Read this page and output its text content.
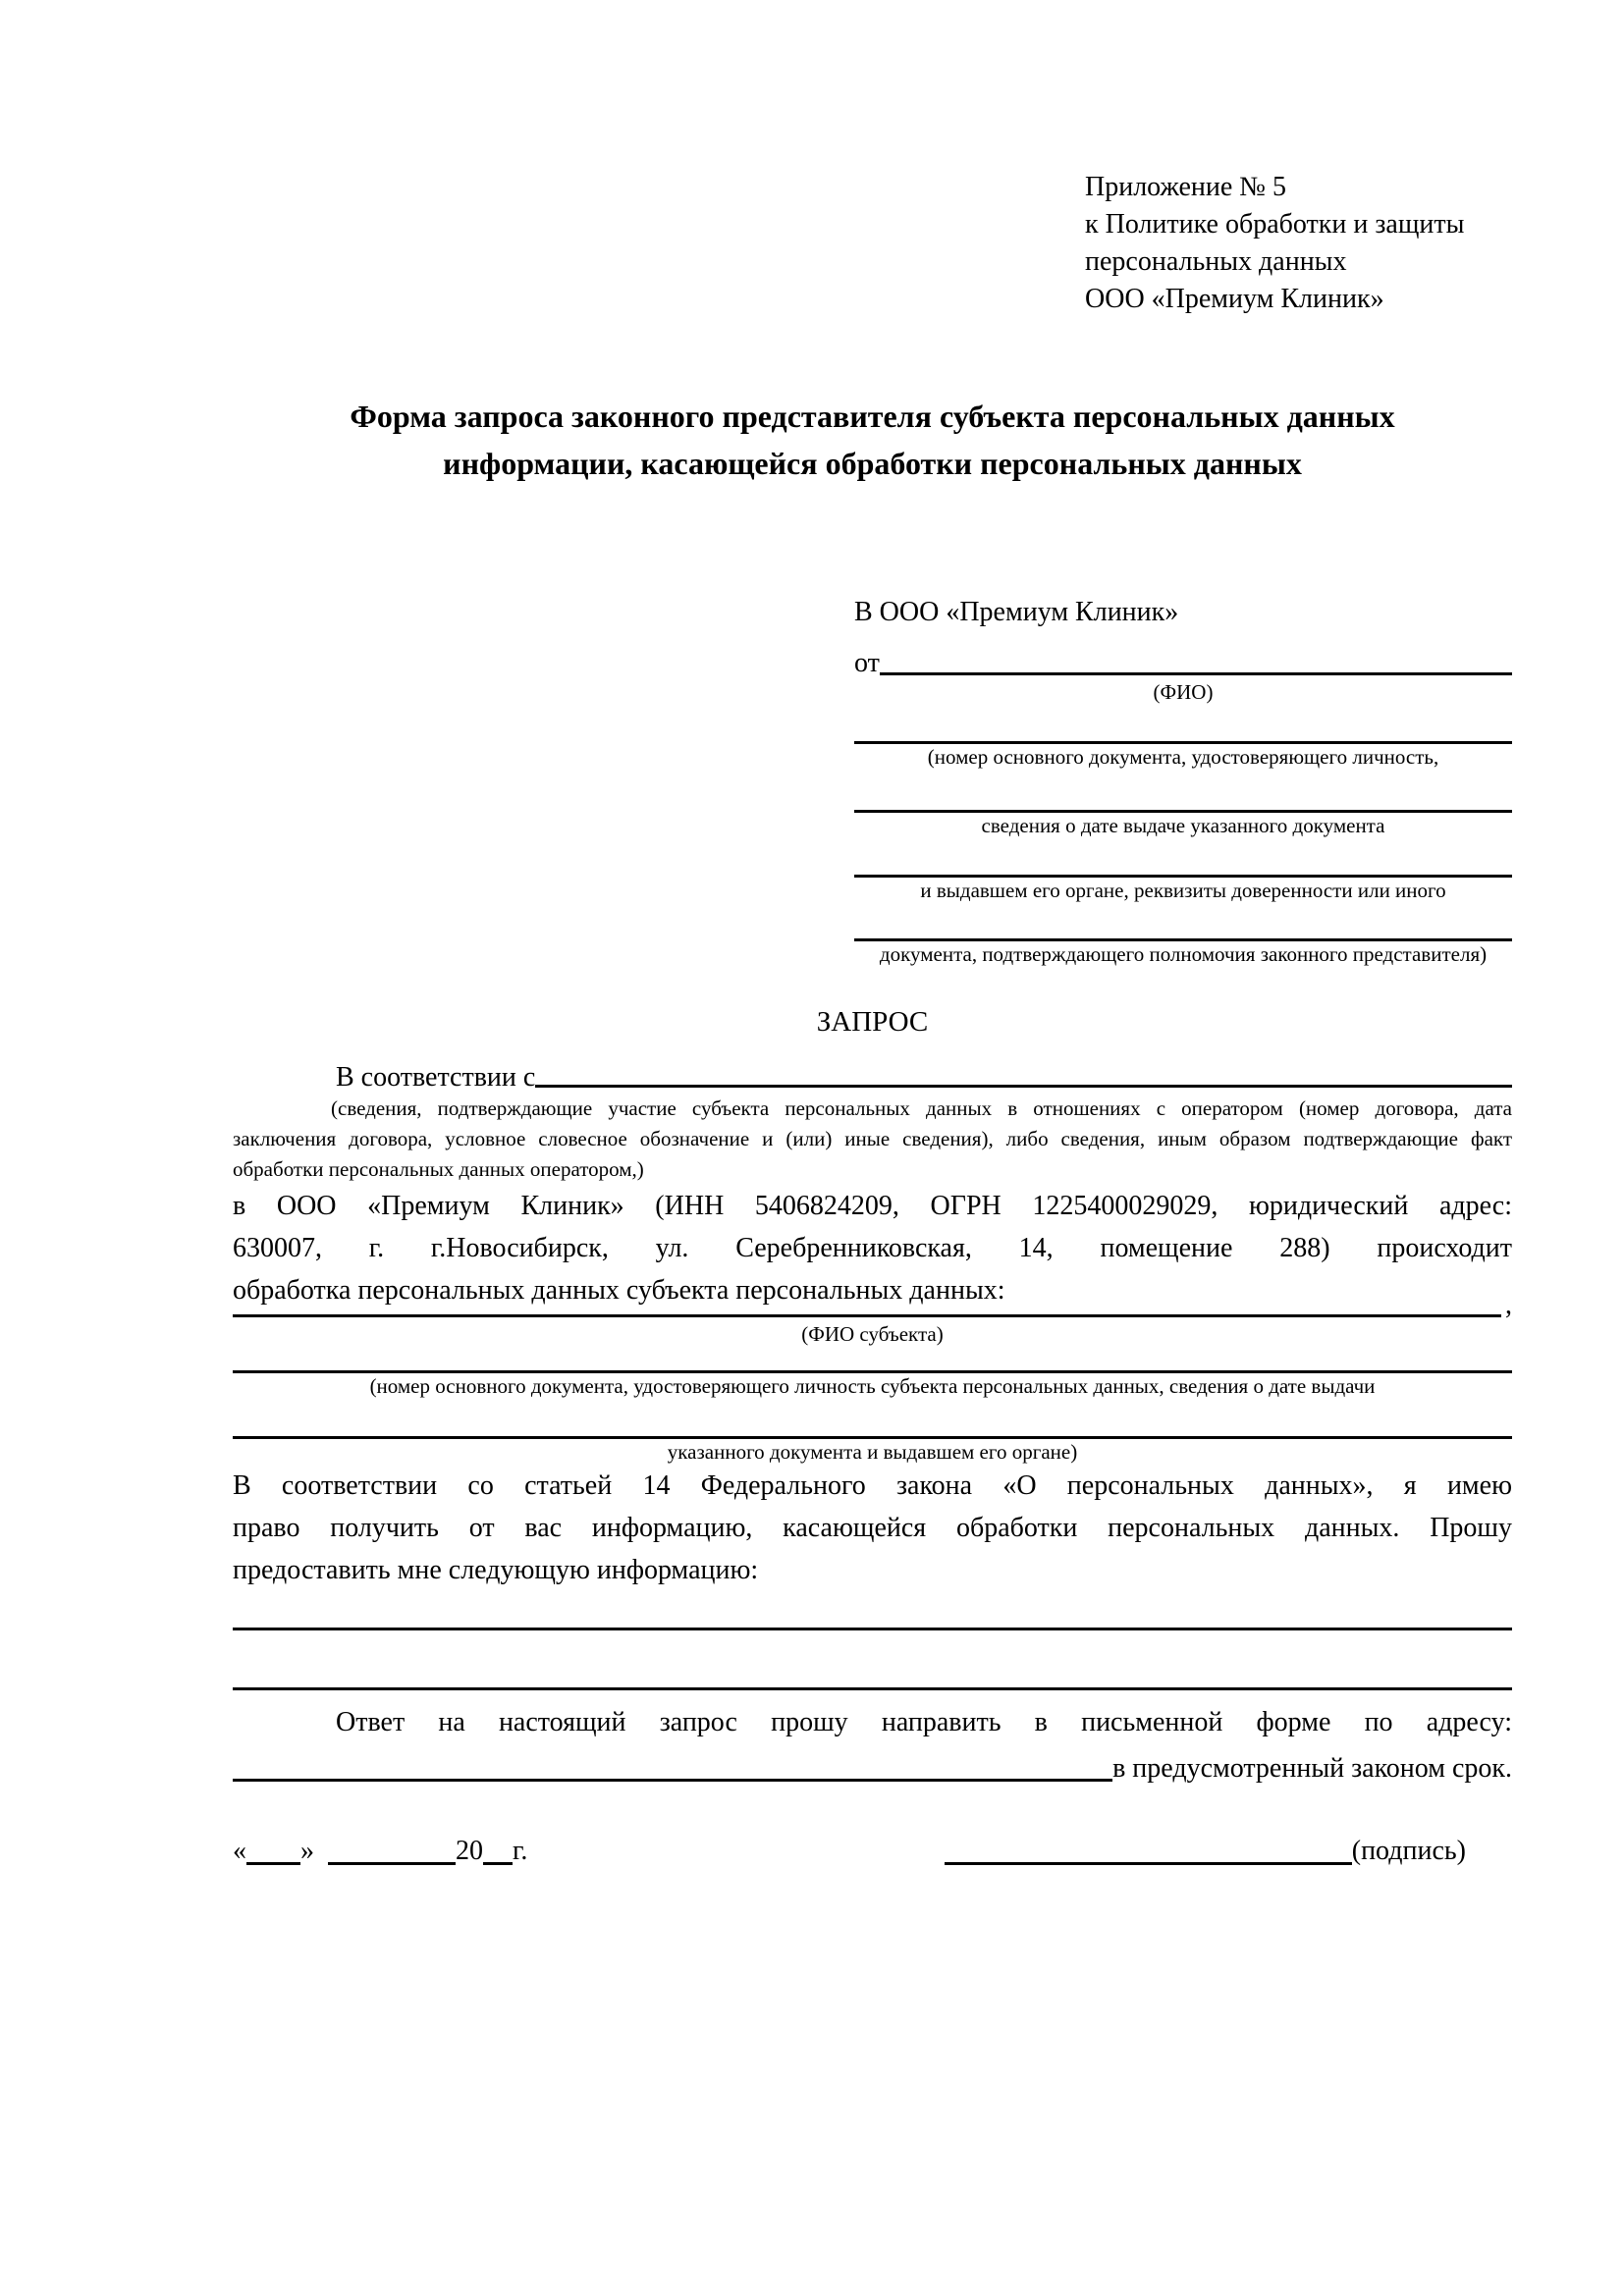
Приложение № 5
к Политике обработки и защиты
персональных данных
ООО «Премиум Клиник»
Форма запроса законного представителя субъекта персональных данных
информации, касающейся обработки персональных данных
В ООО «Премиум Клиник»
от
(ФИО)
(номер основного документа, удостоверяющего личность,
сведения о дате выдаче указанного документа
и выдавшем его органе, реквизиты доверенности или иного
документа, подтверждающего полномочия законного представителя)
ЗАПРОС
В соответствии с
(сведения, подтверждающие участие субъекта персональных данных в отношениях с оператором (номер договора, дата
заключения договора, условное словесное обозначение и (или) иные сведения), либо сведения, иным образом подтверждающие факт
обработки персональных данных оператором,)
в ООО «Премиум Клиник» (ИНН 5406824209, ОГРН 1225400029029, юридический адрес:
630007, г. г.Новосибирск, ул. Серебренниковская, 14, помещение 288) происходит
обработка персональных данных субъекта персональных данных:	,
(ФИО субъекта)
(номер основного документа, удостоверяющего личность субъекта персональных данных, сведения о дате выдачи
указанного документа и выдавшем его органе)
В соответствии со статьей 14 Федерального закона «О персональных данных», я имею
право получить от вас информацию, касающейся обработки персональных данных. Прошу
предоставить мне следующую информацию:
Ответ на настоящий запрос прошу направить в письменной форме по адресу:
в предусмотренный законом срок.
« »	20 г.	(подпись)
